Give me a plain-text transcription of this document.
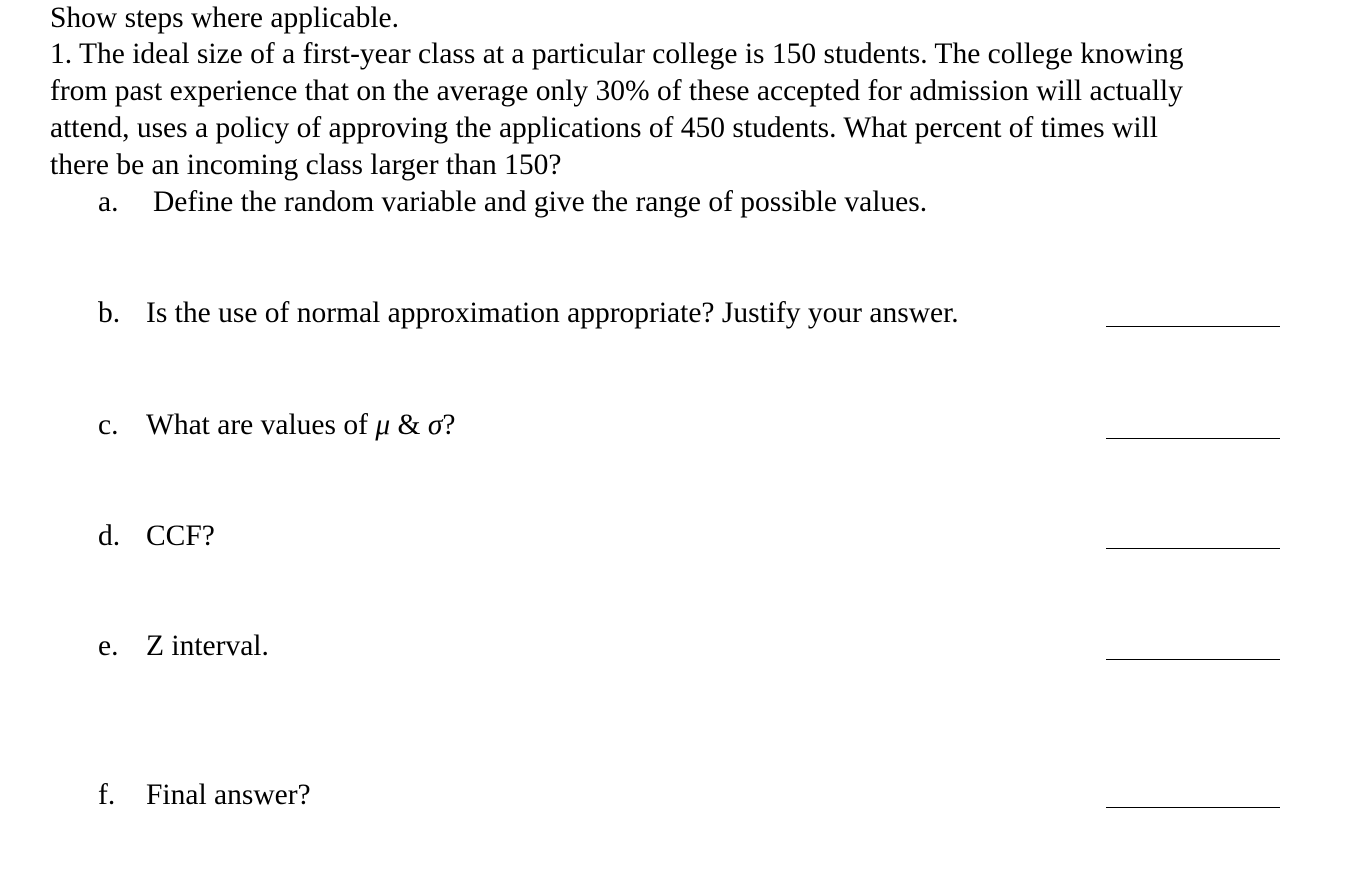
Show steps where applicable.
1. The ideal size of a first-year class at a particular college is 150 students. The college knowing
from past experience that on the average only 30% of these accepted for admission will actually
attend, uses a policy of approving the applications of 450 students. What percent of times will
there be an incoming class larger than 150?
a. Define the random variable and give the range of possible values.
b. Is the use of normal approximation appropriate? Justify your answer.
c. What are values of μ & σ?
d. CCF?
e. Z interval.
f. Final answer?
